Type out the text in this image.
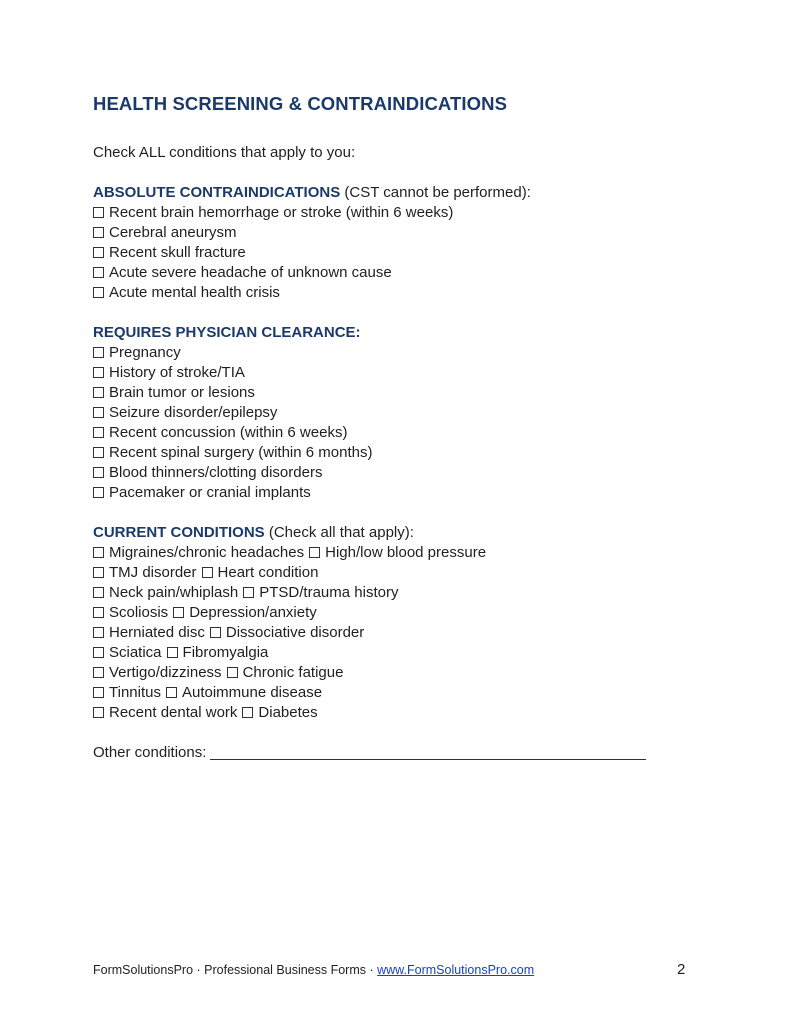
HEALTH SCREENING & CONTRAINDICATIONS
Check ALL conditions that apply to you:
ABSOLUTE CONTRAINDICATIONS (CST cannot be performed):
Recent brain hemorrhage or stroke (within 6 weeks)
Cerebral aneurysm
Recent skull fracture
Acute severe headache of unknown cause
Acute mental health crisis
REQUIRES PHYSICIAN CLEARANCE:
Pregnancy
History of stroke/TIA
Brain tumor or lesions
Seizure disorder/epilepsy
Recent concussion (within 6 weeks)
Recent spinal surgery (within 6 months)
Blood thinners/clotting disorders
Pacemaker or cranial implants
CURRENT CONDITIONS (Check all that apply):
Migraines/chronic headaches High/low blood pressure
TMJ disorder Heart condition
Neck pain/whiplash PTSD/trauma history
Scoliosis Depression/anxiety
Herniated disc Dissociative disorder
Sciatica Fibromyalgia
Vertigo/dizziness Chronic fatigue
Tinnitus Autoimmune disease
Recent dental work Diabetes
Other conditions:
FormSolutionsPro · Professional Business Forms · www.FormSolutionsPro.com	2
